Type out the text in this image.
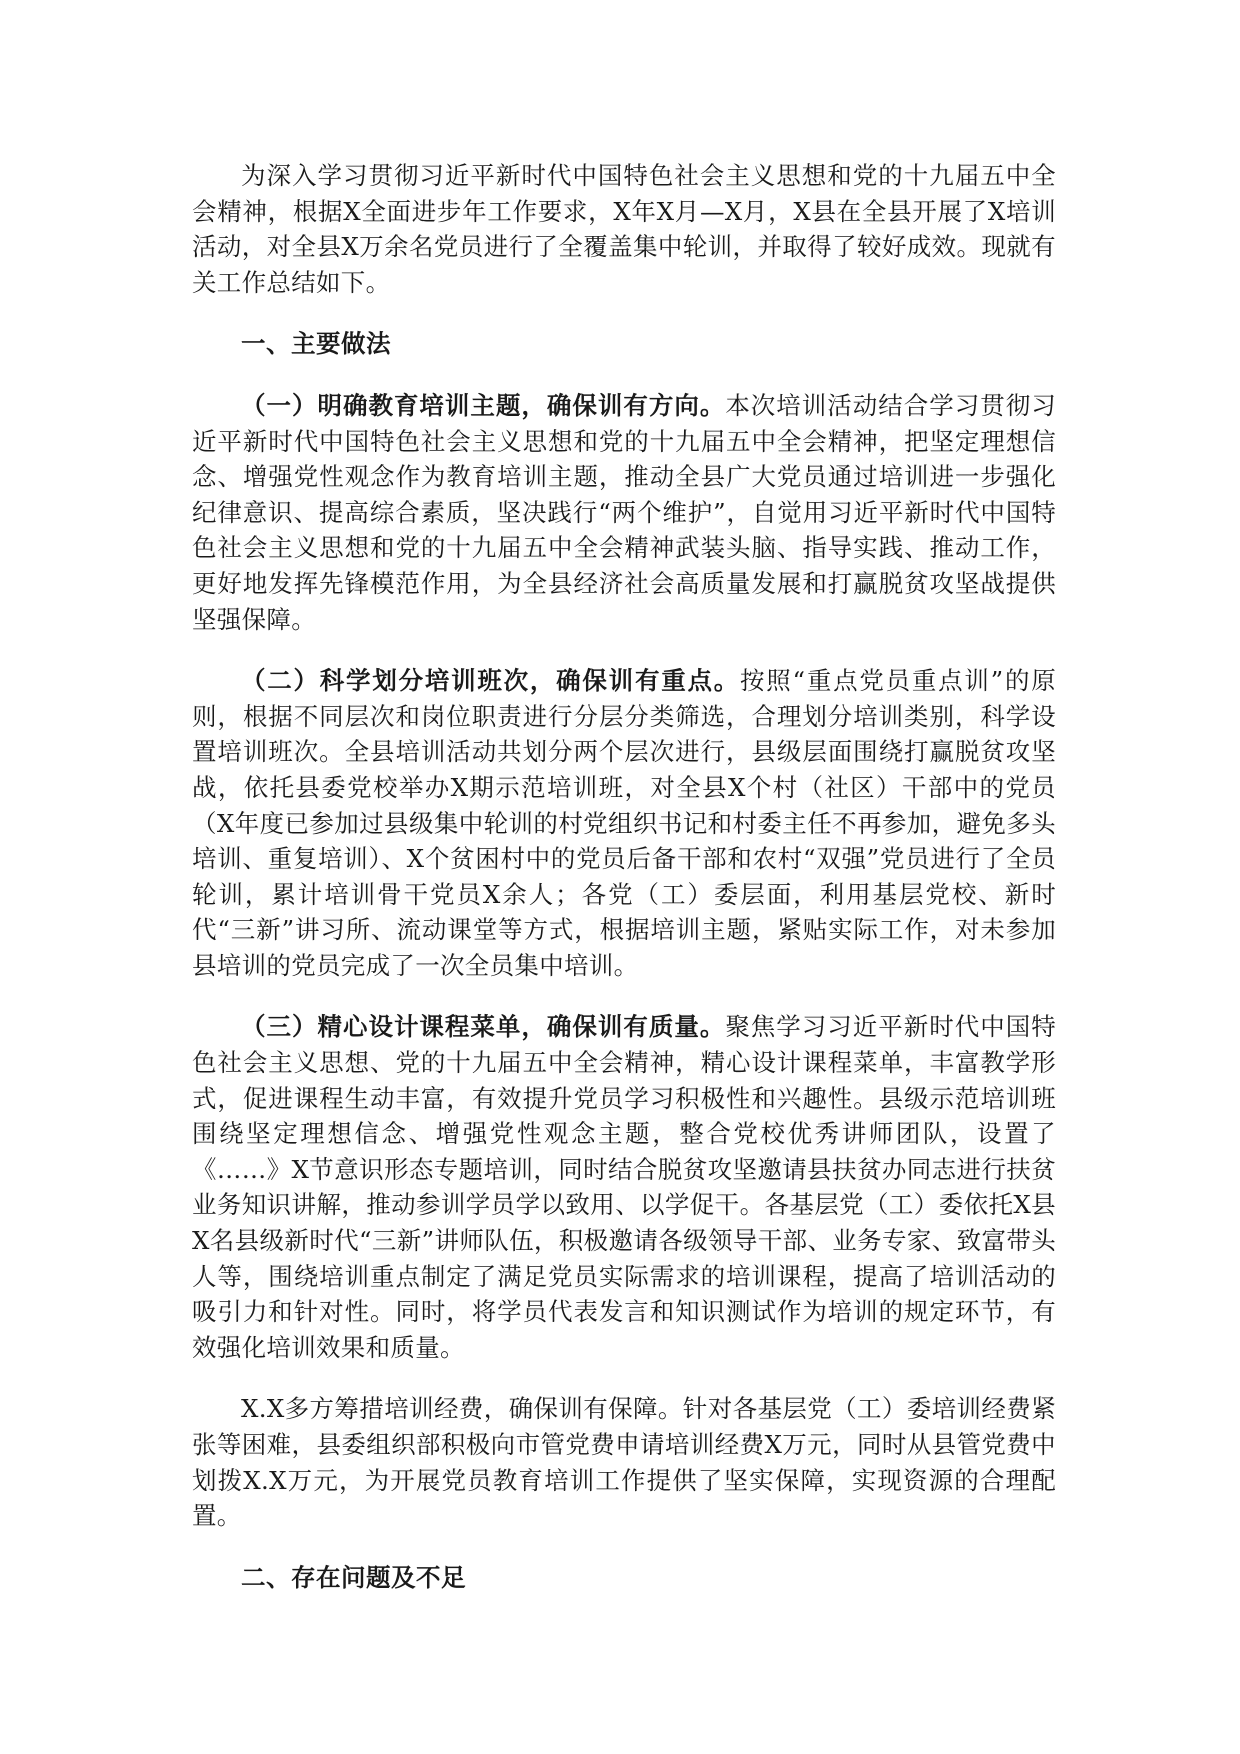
为深入学习贯彻习近平新时代中国特色社会主义思想和党的十九届五中全会精神，根据X全面进步年工作要求，X年X月—X月，X县在全县开展了X培训活动，对全县X万余名党员进行了全覆盖集中轮训，并取得了较好成效。现就有关工作总结如下。

一、主要做法

（一）明确教育培训主题，确保训有方向。本次培训活动结合学习贯彻习近平新时代中国特色社会主义思想和党的十九届五中全会精神，把坚定理想信念、增强党性观念作为教育培训主题，推动全县广大党员通过培训进一步强化纪律意识、提高综合素质，坚决践行“两个维护”，自觉用习近平新时代中国特色社会主义思想和党的十九届五中全会精神武装头脑、指导实践、推动工作，更好地发挥先锋模范作用，为全县经济社会高质量发展和打赢脱贫攻坚战提供坚强保障。

（二）科学划分培训班次，确保训有重点。按照“重点党员重点训”的原则，根据不同层次和岗位职责进行分层分类筛选，合理划分培训类别，科学设置培训班次。全县培训活动共划分两个层次进行，县级层面围绕打赢脱贫攻坚战，依托县委党校举办X期示范培训班，对全县X个村（社区）干部中的党员（X年度已参加过县级集中轮训的村党组织书记和村委主任不再参加，避免多头培训、重复培训）、X个贫困村中的党员后备干部和农村“双强”党员进行了全员轮训，累计培训骨干党员X余人；各党（工）委层面，利用基层党校、新时代“三新”讲习所、流动课堂等方式，根据培训主题，紧贴实际工作，对未参加县培训的党员完成了一次全员集中培训。

（三）精心设计课程菜单，确保训有质量。聚焦学习习近平新时代中国特色社会主义思想、党的十九届五中全会精神，精心设计课程菜单，丰富教学形式，促进课程生动丰富，有效提升党员学习积极性和兴趣性。县级示范培训班围绕坚定理想信念、增强党性观念主题，整合党校优秀讲师团队，设置了《……》X节意识形态专题培训，同时结合脱贫攻坚邀请县扶贫办同志进行扶贫业务知识讲解，推动参训学员学以致用、以学促干。各基层党（工）委依托X县X名县级新时代“三新”讲师队伍，积极邀请各级领导干部、业务专家、致富带头人等，围绕培训重点制定了满足党员实际需求的培训课程，提高了培训活动的吸引力和针对性。同时，将学员代表发言和知识测试作为培训的规定环节，有效强化培训效果和质量。

X.X多方筹措培训经费，确保训有保障。针对各基层党（工）委培训经费紧张等困难，县委组织部积极向市管党费申请培训经费X万元，同时从县管党费中划拨X.X万元，为开展党员教育培训工作提供了坚实保障，实现资源的合理配置。

二、存在问题及不足
